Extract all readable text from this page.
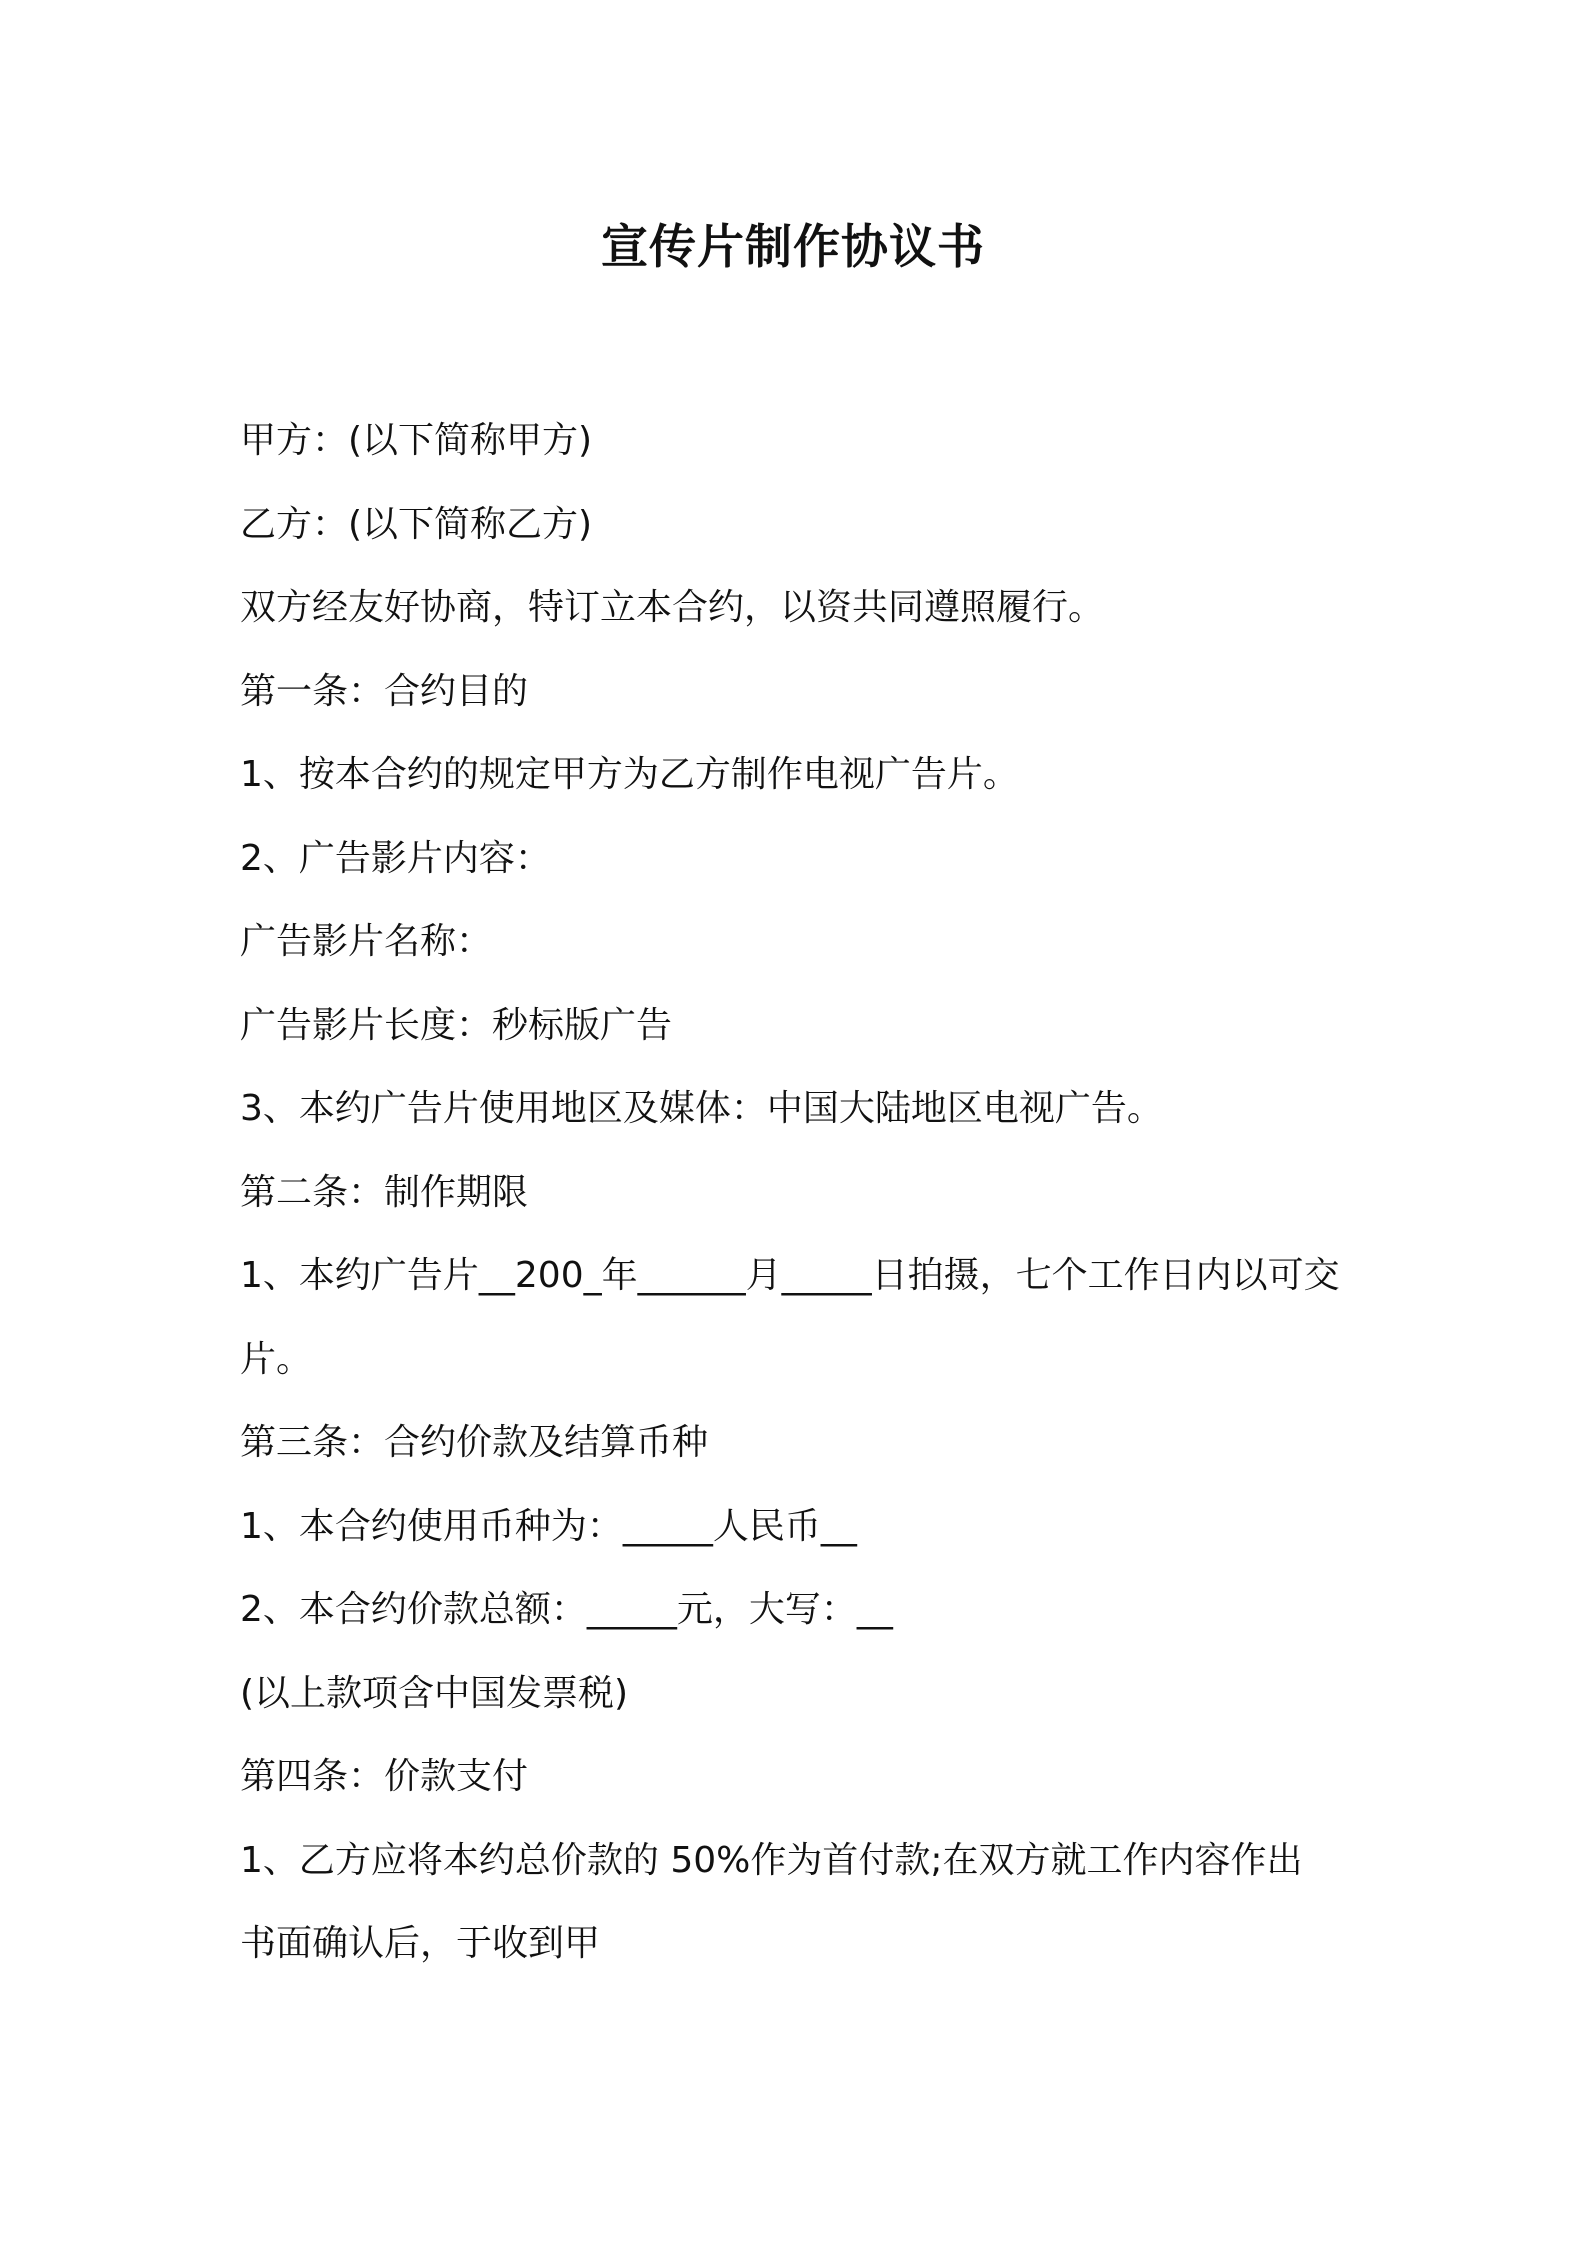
宣传片制作协议书

甲方：(以下简称甲方)

乙方：(以下简称乙方)

双方经友好协商，特订立本合约，以资共同遵照履行。

第一条：合约目的

1、按本合约的规定甲方为乙方制作电视广告片。

2、广告影片内容：

广告影片名称：

广告影片长度：秒标版广告

3、本约广告片使用地区及媒体：中国大陆地区电视广告。

第二条：制作期限

1、本约广告片__200_年______月_____日拍摄，七个工作日内以可交

片。

第三条：合约价款及结算币种

1、本合约使用币种为：_____人民币__

2、本合约价款总额：_____元，大写：__

(以上款项含中国发票税)

第四条：价款支付

1、乙方应将本约总价款的 50%作为首付款;在双方就工作内容作出

书面确认后，于收到甲
